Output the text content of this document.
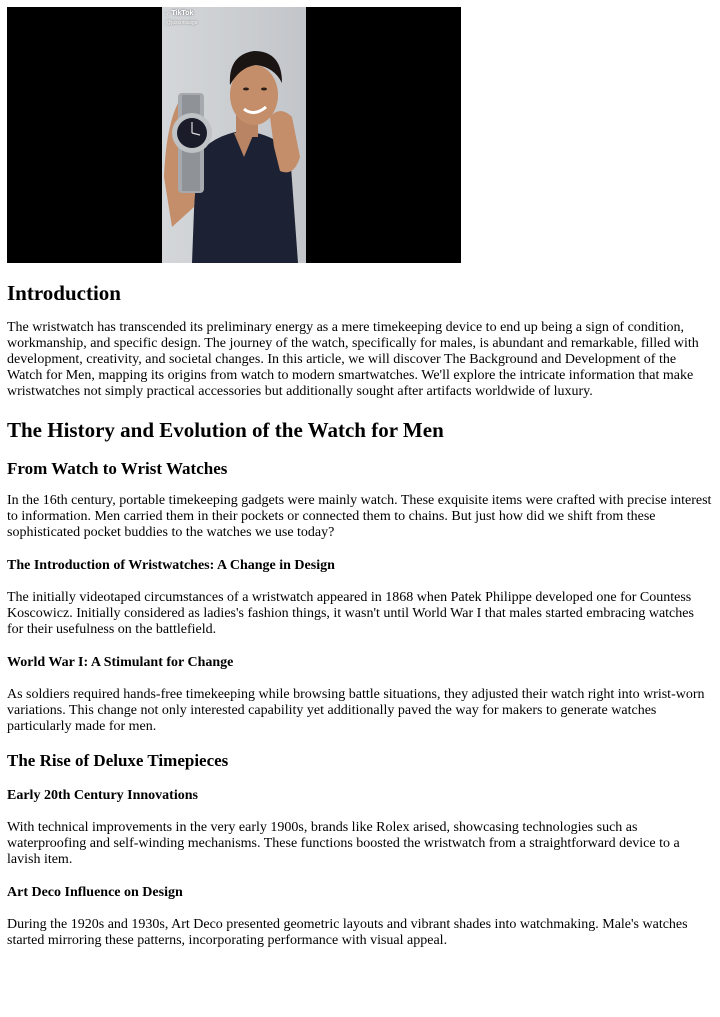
♪ TikTok
@jaxsonsaige
Introduction

The wristwatch has transcended its preliminary energy as a mere timekeeping device to end up being a sign of condition, workmanship, and specific design. The journey of the watch, specifically for males, is abundant and remarkable, filled with development, creativity, and societal changes. In this article, we will discover The Background and Development of the Watch for Men, mapping its origins from watch to modern smartwatches. We'll explore the intricate information that make wristwatches not simply practical accessories but additionally sought after artifacts worldwide of luxury.

The History and Evolution of the Watch for Men
From Watch to Wrist Watches

In the 16th century, portable timekeeping gadgets were mainly watch. These exquisite items were crafted with precise interest to information. Men carried them in their pockets or connected them to chains. But just how did we shift from these sophisticated pocket buddies to the watches we use today?

The Introduction of Wristwatches: A Change in Design

The initially videotaped circumstances of a wristwatch appeared in 1868 when Patek Philippe developed one for Countess Koscowicz. Initially considered as ladies's fashion things, it wasn't until World War I that males started embracing watches for their usefulness on the battlefield.

World War I: A Stimulant for Change

As soldiers required hands-free timekeeping while browsing battle situations, they adjusted their watch right into wrist-worn variations. This change not only interested capability yet additionally paved the way for makers to generate watches particularly made for men.

The Rise of Deluxe Timepieces
Early 20th Century Innovations

With technical improvements in the very early 1900s, brands like Rolex arised, showcasing technologies such as waterproofing and self-winding mechanisms. These functions boosted the wristwatch from a straightforward device to a lavish item.

Art Deco Influence on Design

During the 1920s and 1930s, Art Deco presented geometric layouts and vibrant shades into watchmaking. Male's watches started mirroring these patterns, incorporating performance with visual appeal.
